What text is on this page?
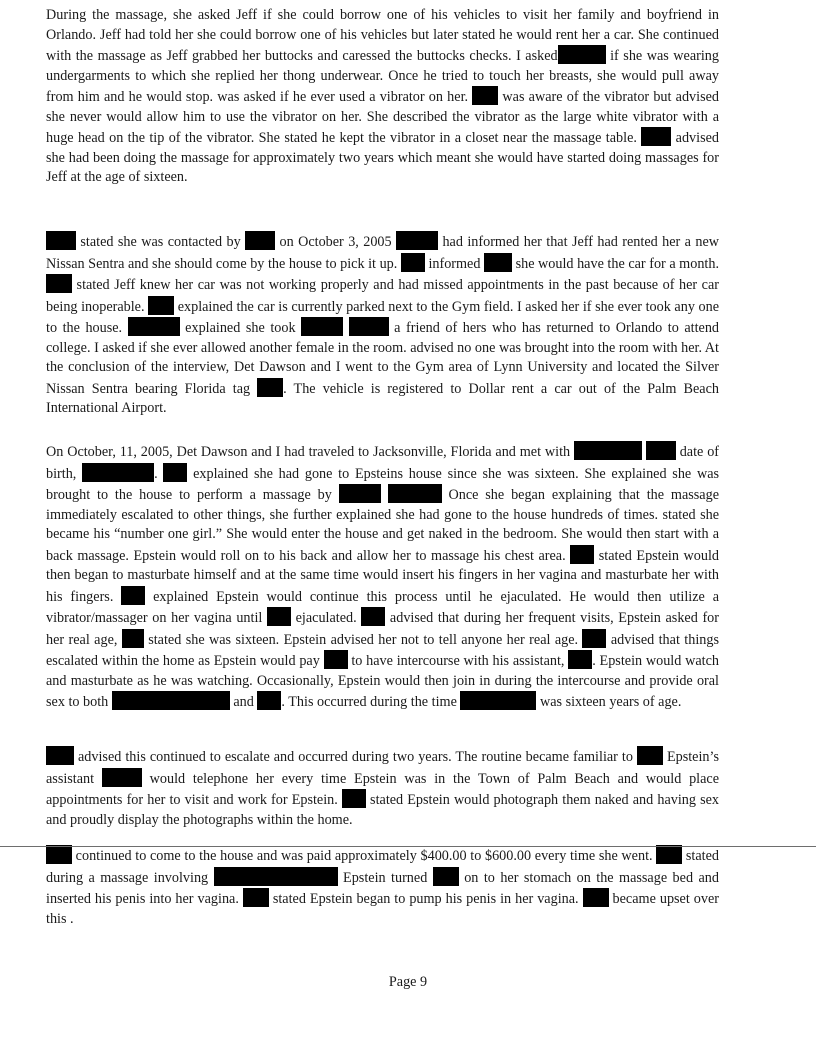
During the massage, she asked Jeff if she could borrow one of his vehicles to visit her family and boyfriend in Orlando. Jeff had told her she could borrow one of his vehicles but later stated he would rent her a car. She continued with the massage as Jeff grabbed her buttocks and caressed the buttocks checks. I asked	if she was wearing undergarments to which she replied her thong underwear. Once he tried to touch her breasts, she would pull away from him and he would stop. was asked if he ever used a vibrator on her.  was aware of the vibrator but advised she never would allow him to use the vibrator on her. She described the vibrator as the large white vibrator with a huge head on the tip of the vibrator. She stated he kept the vibrator in a closet near the massage table.  advised she had been doing the massage for approximately two years which meant she would have started doing massages for Jeff at the age of sixteen.

stated she was contacted by  on October 3, 2005	had informed her that Jeff had rented her a new Nissan Sentra and she should come by the house to pick it up.  informed  she would have the car for a month.  stated Jeff knew her car was not working properly and had missed appointments in the past because of her car being inoperable.  explained the car is currently parked next to the Gym field. I asked her if she ever took any one to the house.	explained she took	a friend of hers who has returned to Orlando to attend college. I asked if she ever allowed another female in the room. advised no one was brought into the room with her. At the conclusion of the interview, Det Dawson and I went to the Gym area of Lynn University and located the Silver Nissan Sentra bearing Florida tag . The vehicle is registered to Dollar rent a car out of the Palm Beach International Airport.

On October, 11, 2005, Det Dawson and I had traveled to Jacksonville, Florida and met with	date of birth,	.  explained she had gone to Epsteins house since she was sixteen. She explained she was brought to the house to perform a massage by	Once she began explaining that the massage immediately escalated to other things, she further explained she had gone to the house hundreds of times. stated she became his “number one girl.” She would enter the house and get naked in the bedroom. She would then start with a back massage. Epstein would roll on to his back and allow her to massage his chest area.  stated Epstein would then began to masturbate himself and at the same time would insert his fingers in her vagina and masturbate her with his fingers.  explained Epstein would continue this process until he ejaculated. He would then utilize a vibrator/massager on her vagina until  ejaculated.  advised that during her frequent visits, Epstein asked for her real age,  stated she was sixteen. Epstein advised her not to tell anyone her real age.  advised that things escalated within the home as Epstein would pay  to have intercourse with his assistant, . Epstein would watch and masturbate as he was watching. Occasionally, Epstein would then join in during the intercourse and provide oral sex to both	and . This occurred during the time	was sixteen years of age.

advised this continued to escalate and occurred during two years. The routine became familiar to  Epstein’s assistant	would telephone her every time Epstein was in the Town of Palm Beach and would place appointments for her to visit and work for Epstein.  stated Epstein would photograph them naked and having sex and proudly display the photographs within the home.

continued to come to the house and was paid approximately $400.00 to $600.00 every time she went.  stated during a massage involving	Epstein turned  on to her stomach on the massage bed and inserted his penis into her vagina.  stated Epstein began to pump his penis in her vagina.  became upset over this .

Page 9
